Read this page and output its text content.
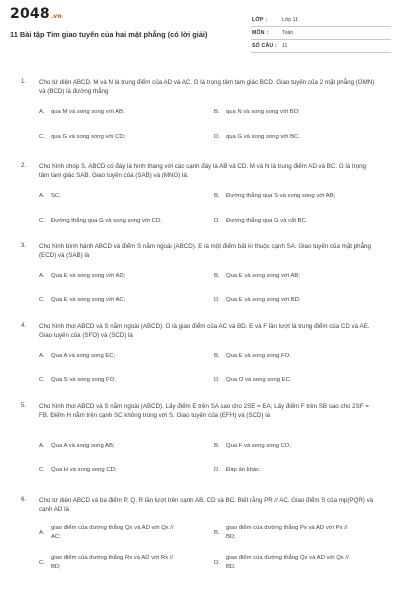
2048.vn
11 Bài tập Tìm giao tuyến của hai mặt phẳng (có lời giải)
LỚP :	Lớp 11
MÔN :	Toán
SỐ CÂU : 11
1. Cho tứ diện ABCD. M và N là trung điểm của AD và AC. G là trọng tâm tam giác BCD. Giao tuyến của 2 mặt phẳng (GMN) và (BCD) là đường thẳng
A. qua M và song song với AB;	B. qua N và song song với BD;
C. qua G và song song với CD;	D. qua G và song song với BC.
2. Cho hình chóp S. ABCD có đáy là hình thang với các cạnh đáy là AB và CD. M và N là trung điểm AD và BC. G là trọng tâm tam giác SAB. Giao tuyến của (SAB) và (MNG) là:
A. SC;	B. Đường thẳng qua S và song song với AB;
C. Đường thẳng qua G và song song với CD;	D. Đường thẳng qua G và cắt BC.
3. Cho hình bình hành ABCD và điểm S nằm ngoài (ABCD). E là một điểm bất kì thuộc cạnh SA. Giao tuyến của mặt phẳng (ECD) và (SAB) là
A. Qua E và song song với AD;	B. Qua E và song song với AB;
C. Qua E và song song với AC;	D. Qua E và song song với BD.
4. Cho hình thoi ABCD và S nằm ngoài (ABCD). O là giao điểm của AC và BD. E và F lần lượt là trung điểm của CD và AE. Giao tuyến của (SFO) và (SCD) là
A. Qua A và song song EC;	B. Qua E và song song FO;
C. Qua S và song song FO;	D. Qua O và song song EC.
5. Cho hình thoi ABCD và S nằm ngoài (ABCD). Lấy điểm E trên SA sao cho 2SE = EA; Lấy điểm F trên SB sao cho 2SF = FB. Điểm H nằm trên cạnh SC không trùng với S. Giao tuyến của (EFH) và (SCD) là
A. Qua A và song song AB;	B. Qua F và song song CD;
C. Qua H và song song CD;	D. Đáp án khác.
6. Cho tứ diện ABCD và ba điểm P, Q, R lần lượt trên cạnh AB, CD và BC. Biết rằng PR // AC. Giao điểm S của mp(PQR) và cạnh AD là
A.
giao điểm của đường thẳng Qx và AD với Qx // AC;
B.
giao điểm của đường thẳng Px và AD với Px // BD;
C.
giao điểm của đường thẳng Rx và AD với Rx // BD;
D.
giao điểm của đường thẳng Qx và AD với Qx // BD.
